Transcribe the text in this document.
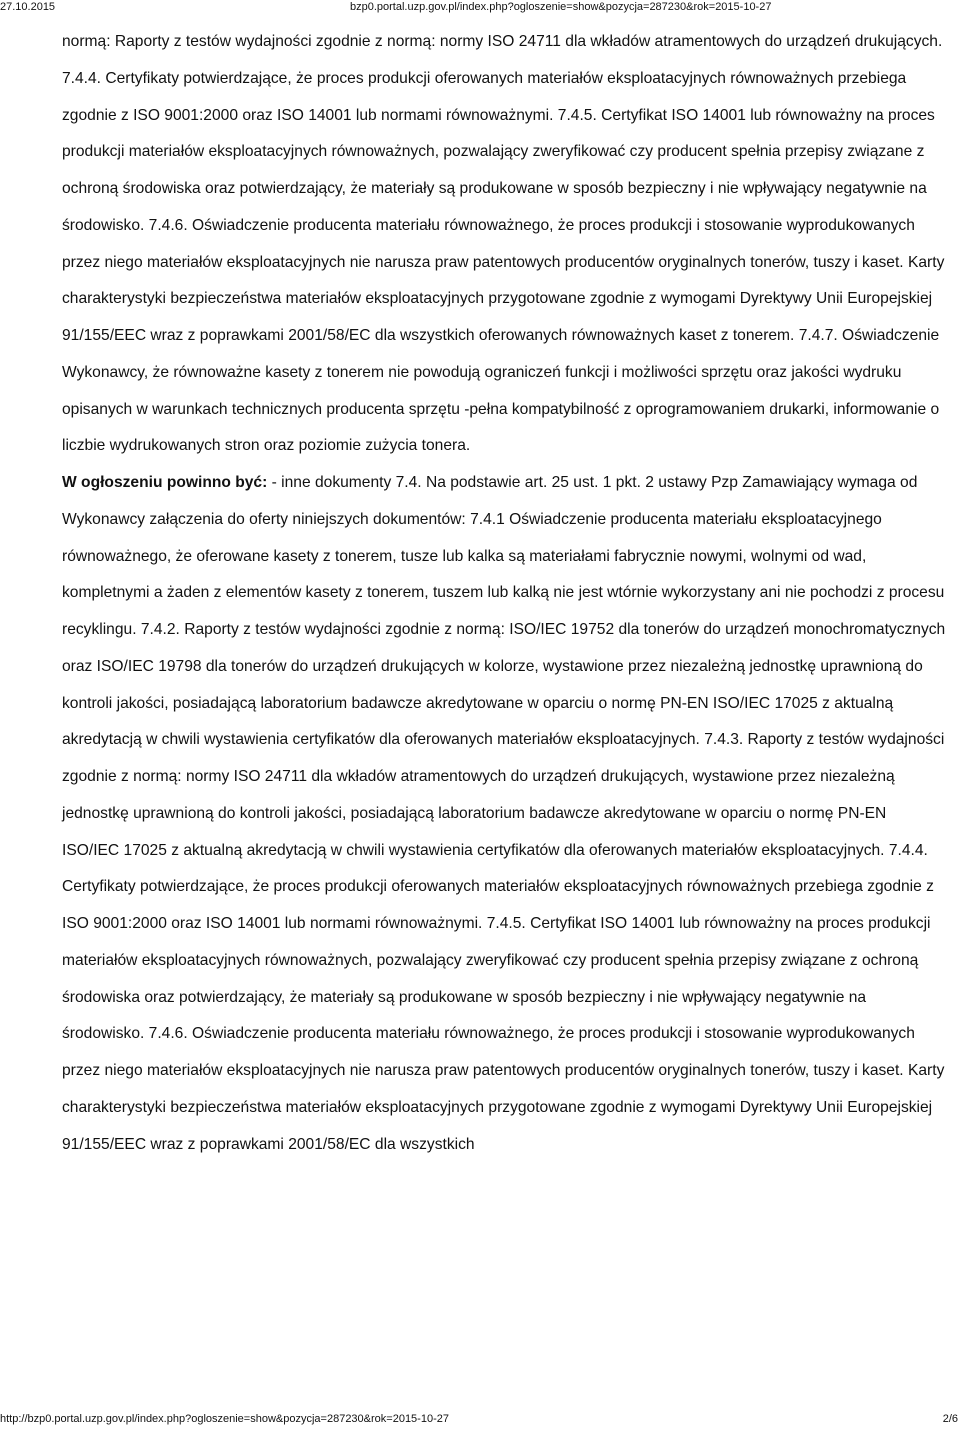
27.10.2015	bzp0.portal.uzp.gov.pl/index.php?ogloszenie=show&pozycja=287230&rok=2015-10-27

normą: Raporty z testów wydajności zgodnie z normą: normy ISO 24711 dla wkładów atramentowych do urządzeń drukujących. 7.4.4. Certyfikaty potwierdzające, że proces produkcji oferowanych materiałów eksploatacyjnych równoważnych przebiega zgodnie z ISO 9001:2000 oraz ISO 14001 lub normami równoważnymi. 7.4.5. Certyfikat ISO 14001 lub równoważny na proces produkcji materiałów eksploatacyjnych równoważnych, pozwalający zweryfikować czy producent spełnia przepisy związane z ochroną środowiska oraz potwierdzający, że materiały są produkowane w sposób bezpieczny i nie wpływający negatywnie na środowisko. 7.4.6. Oświadczenie producenta materiału równoważnego, że proces produkcji i stosowanie wyprodukowanych przez niego materiałów eksploatacyjnych nie narusza praw patentowych producentów oryginalnych tonerów, tuszy i kaset. Karty charakterystyki bezpieczeństwa materiałów eksploatacyjnych przygotowane zgodnie z wymogami Dyrektywy Unii Europejskiej 91/155/EEC wraz z poprawkami 2001/58/EC dla wszystkich oferowanych równoważnych kaset z tonerem. 7.4.7. Oświadczenie Wykonawcy, że równoważne kasety z tonerem nie powodują ograniczeń funkcji i możliwości sprzętu oraz jakości wydruku opisanych w warunkach technicznych producenta sprzętu -pełna kompatybilność z oprogramowaniem drukarki, informowanie o liczbie wydrukowanych stron oraz poziomie zużycia tonera.

W ogłoszeniu powinno być: - inne dokumenty 7.4. Na podstawie art. 25 ust. 1 pkt. 2 ustawy Pzp Zamawiający wymaga od Wykonawcy załączenia do oferty niniejszych dokumentów: 7.4.1 Oświadczenie producenta materiału eksploatacyjnego równoważnego, że oferowane kasety z tonerem, tusze lub kalka są materiałami fabrycznie nowymi, wolnymi od wad, kompletnymi a żaden z elementów kasety z tonerem, tuszem lub kalką nie jest wtórnie wykorzystany ani nie pochodzi z procesu recyklingu. 7.4.2. Raporty z testów wydajności zgodnie z normą: ISO/IEC 19752 dla tonerów do urządzeń monochromatycznych oraz ISO/IEC 19798 dla tonerów do urządzeń drukujących w kolorze, wystawione przez niezależną jednostkę uprawnioną do kontroli jakości, posiadającą laboratorium badawcze akredytowane w oparciu o normę PN-EN ISO/IEC 17025 z aktualną akredytacją w chwili wystawienia certyfikatów dla oferowanych materiałów eksploatacyjnych. 7.4.3. Raporty z testów wydajności zgodnie z normą: normy ISO 24711 dla wkładów atramentowych do urządzeń drukujących, wystawione przez niezależną jednostkę uprawnioną do kontroli jakości, posiadającą laboratorium badawcze akredytowane w oparciu o normę PN-EN ISO/IEC 17025 z aktualną akredytacją w chwili wystawienia certyfikatów dla oferowanych materiałów eksploatacyjnych. 7.4.4. Certyfikaty potwierdzające, że proces produkcji oferowanych materiałów eksploatacyjnych równoważnych przebiega zgodnie z ISO 9001:2000 oraz ISO 14001 lub normami równoważnymi. 7.4.5. Certyfikat ISO 14001 lub równoważny na proces produkcji materiałów eksploatacyjnych równoważnych, pozwalający zweryfikować czy producent spełnia przepisy związane z ochroną środowiska oraz potwierdzający, że materiały są produkowane w sposób bezpieczny i nie wpływający negatywnie na środowisko. 7.4.6. Oświadczenie producenta materiału równoważnego, że proces produkcji i stosowanie wyprodukowanych przez niego materiałów eksploatacyjnych nie narusza praw patentowych producentów oryginalnych tonerów, tuszy i kaset. Karty charakterystyki bezpieczeństwa materiałów eksploatacyjnych przygotowane zgodnie z wymogami Dyrektywy Unii Europejskiej 91/155/EEC wraz z poprawkami 2001/58/EC dla wszystkich

http://bzp0.portal.uzp.gov.pl/index.php?ogloszenie=show&pozycja=287230&rok=2015-10-27	2/6
